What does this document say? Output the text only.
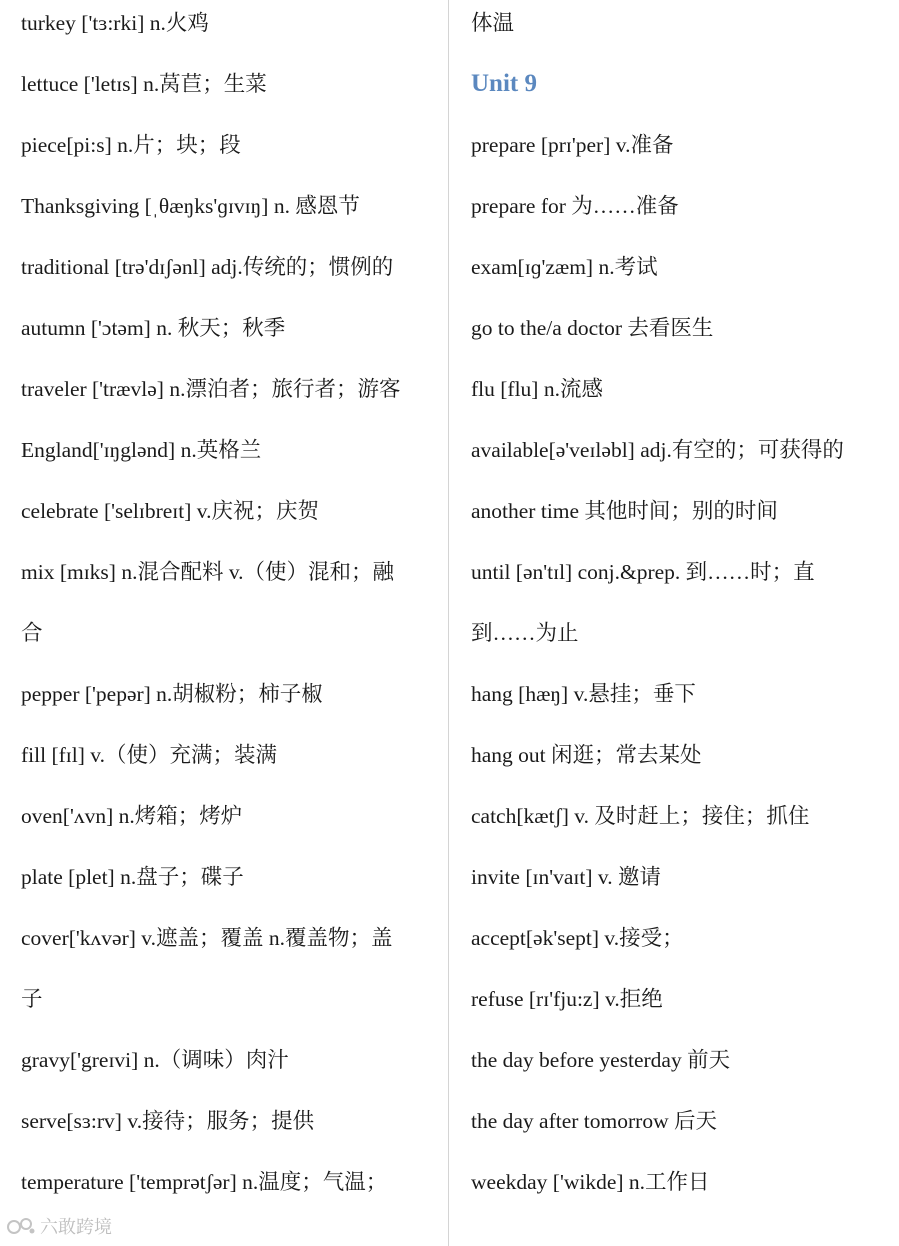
turkey ['tɜ:rki] n.火鸡
lettuce ['letɪs] n.莴苣；生菜
piece[pi:s] n.片；块；段
Thanksgiving [ˌθæŋks'ɡɪvɪŋ] n. 感恩节
traditional [trə'dɪʃənl] adj.传统的；惯例的
autumn ['ɔtəm] n. 秋天；秋季
traveler ['trævlə] n.漂泊者；旅行者；游客
England['ɪŋglənd] n.英格兰
celebrate ['selɪbreɪt] v.庆祝；庆贺
mix [mɪks] n.混合配料 v.（使）混和；融
合
pepper ['pepər] n.胡椒粉；柿子椒
fill [fɪl] v.（使）充满；装满
oven['ʌvn] n.烤箱；烤炉
plate [plet] n.盘子；碟子
cover['kʌvər] v.遮盖；覆盖 n.覆盖物；盖
子
gravy['greɪvi] n.（调味）肉汁
serve[sɜ:rv] v.接待；服务；提供
temperature ['temprətʃər] n.温度；气温；
体温
Unit 9
prepare [prɪ'per] v.准备
prepare for 为……准备
exam[ɪɡ'zæm] n.考试
go to the/a doctor 去看医生
flu [flu] n.流感
available[ə'veɪləbl] adj.有空的；可获得的
another time 其他时间；别的时间
until [ən'tɪl] conj.&prep. 到……时；直
到……为止
hang [hæŋ] v.悬挂；垂下
hang out 闲逛；常去某处
catch[kætʃ] v. 及时赶上；接住；抓住
invite [ɪn'vaɪt] v. 邀请
accept[ək'sept] v.接受；
refuse [rɪ'fju:z] v.拒绝
the day before yesterday 前天
the day after tomorrow 后天
weekday ['wikde] n.工作日
六敢跨境
